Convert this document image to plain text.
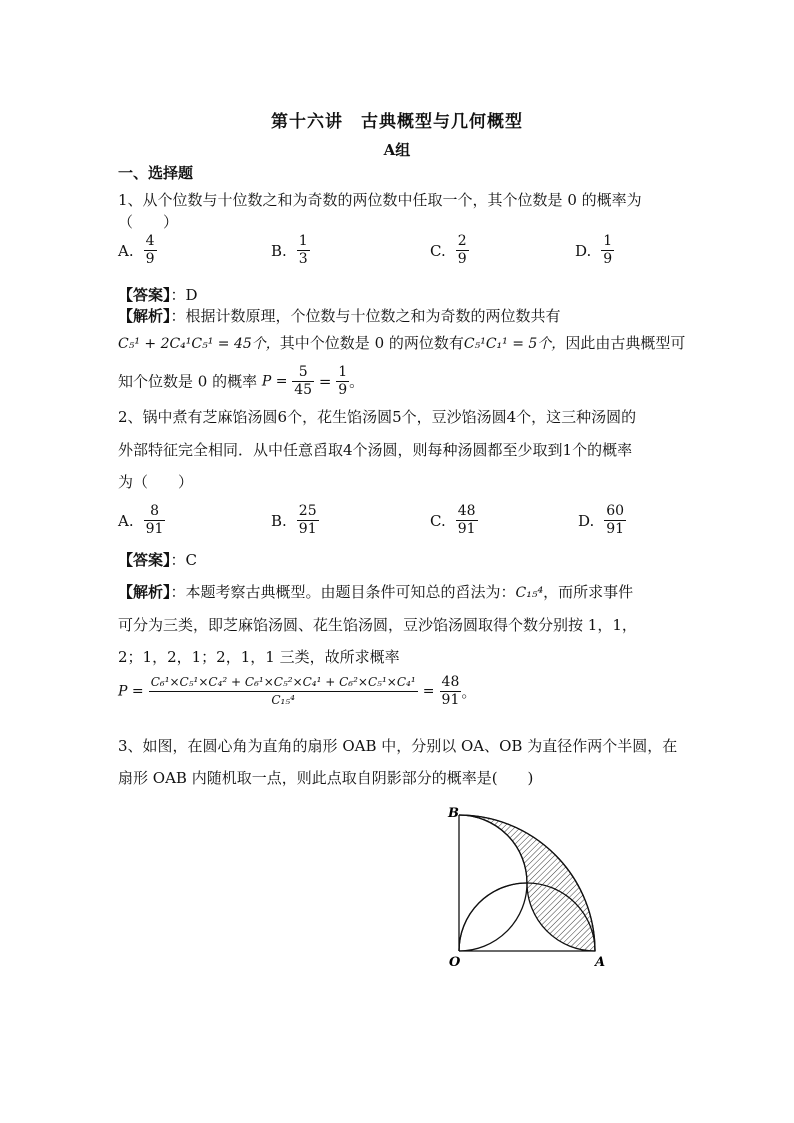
第十六讲　古典概型与几何概型
A组
一、选择题
1、从个位数与十位数之和为奇数的两位数中任取一个，其个位数是 0 的概率为
（　　）
A. $\frac{4}{9}$	B. $\frac{1}{3}$	C. $\frac{2}{9}$	D. $\frac{1}{9}$
【答案】：D
【解析】：根据计数原理，个位数与十位数之和为奇数的两位数共有
C₅¹ + 2C₄¹C₅¹ = 45个，其中个位数是 0 的两位数有C₅¹C₁¹ = 5个，因此由古典概型可
知个位数是 0 的概率 $P = \frac{5}{45} = \frac{1}{9}$ 。
2、锅中煮有芝麻馅汤圆6个，花生馅汤圆5个，豆沙馅汤圆4个，这三种汤圆的
外部特征完全相同．从中任意舀取4个汤圆，则每种汤圆都至少取到1个的概率
为（　　）
A. $\frac{8}{91}$	B. $\frac{25}{91}$	C. $\frac{48}{91}$	D. $\frac{60}{91}$
【答案】：C
【解析】：本题考察古典概型。由题目条件可知总的舀法为：C₁₅⁴，而所求事件
可分为三类，即芝麻馅汤圆、花生馅汤圆，豆沙馅汤圆取得个数分别按 1，1，
2；1，2，1；2，1，1 三类，故所求概率
$P = \frac{\text{C₆¹×C₅¹×C₄² + C₆¹×C₅²×C₄¹ + C₆²×C₅¹×C₄¹}}{\text{C₁₅⁴}} = \frac{48}{91}$ 。
3、如图，在圆心角为直角的扇形 OAB 中，分别以 OA、OB 为直径作两个半圆，在
扇形 OAB 内随机取一点，则此点取自阴影部分的概率是(　　)
B
O	A
